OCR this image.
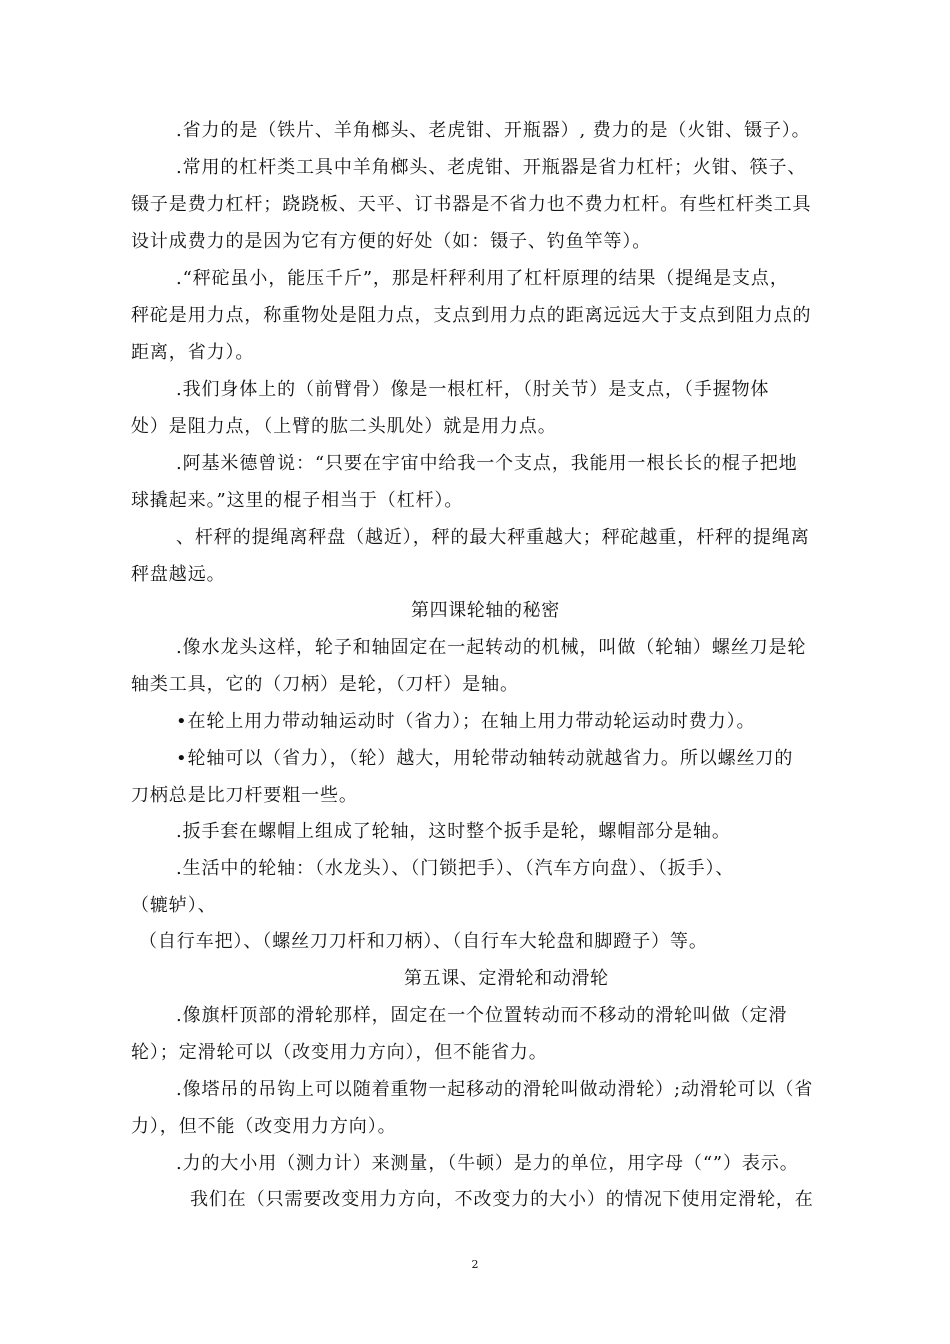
.省力的是（铁片、羊角榔头、老虎钳、开瓶器）, 费力的是（火钳、镊子）。
.常用的杠杆类工具中羊角榔头、老虎钳、开瓶器是省力杠杆；火钳、筷子、
镊子是费力杠杆；跷跷板、天平、订书器是不省力也不费力杠杆。有些杠杆类工具
设计成费力的是因为它有方便的好处（如：镊子、钓鱼竿等）。
.“秤砣虽小，能压千斤”，那是杆秤利用了杠杆原理的结果（提绳是支点，
秤砣是用力点，称重物处是阻力点，支点到用力点的距离远远大于支点到阻力点的
距离，省力）。
.我们身体上的（前臂骨）像是一根杠杆，（肘关节）是支点，（手握物体
处）是阻力点，（上臂的肱二头肌处）就是用力点。
.阿基米德曾说：“只要在宇宙中给我一个支点，我能用一根长长的棍子把地
球撬起来。”这里的棍子相当于（杠杆）。
、杆秤的提绳离秤盘（越近），秤的最大秤重越大；秤砣越重，杆秤的提绳离
秤盘越远。
第四课轮轴的秘密
.像水龙头这样，轮子和轴固定在一起转动的机械，叫做（轮轴）螺丝刀是轮
轴类工具，它的（刀柄）是轮，（刀杆）是轴。
•在轮上用力带动轴运动时（省力）；在轴上用力带动轮运动时费力）。
•轮轴可以（省力），（轮）越大，用轮带动轴转动就越省力。所以螺丝刀的
刀柄总是比刀杆要粗一些。
.扳手套在螺帽上组成了轮轴，这时整个扳手是轮，螺帽部分是轴。
.生活中的轮轴：（水龙头）、（门锁把手）、（汽车方向盘）、（扳手）、
（辘轳）、
（自行车把）、（螺丝刀刀杆和刀柄）、（自行车大轮盘和脚蹬子）等。
第五课、定滑轮和动滑轮
.像旗杆顶部的滑轮那样，固定在一个位置转动而不移动的滑轮叫做（定滑
轮）；定滑轮可以（改变用力方向），但不能省力。
.像塔吊的吊钩上可以随着重物一起移动的滑轮叫做动滑轮）;动滑轮可以（省
力），但不能（改变用力方向）。
.力的大小用（测力计）来测量，（牛顿）是力的单位，用字母（“”）表示。
我们在（只需要改变用力方向，不改变力的大小）的情况下使用定滑轮，在
2
